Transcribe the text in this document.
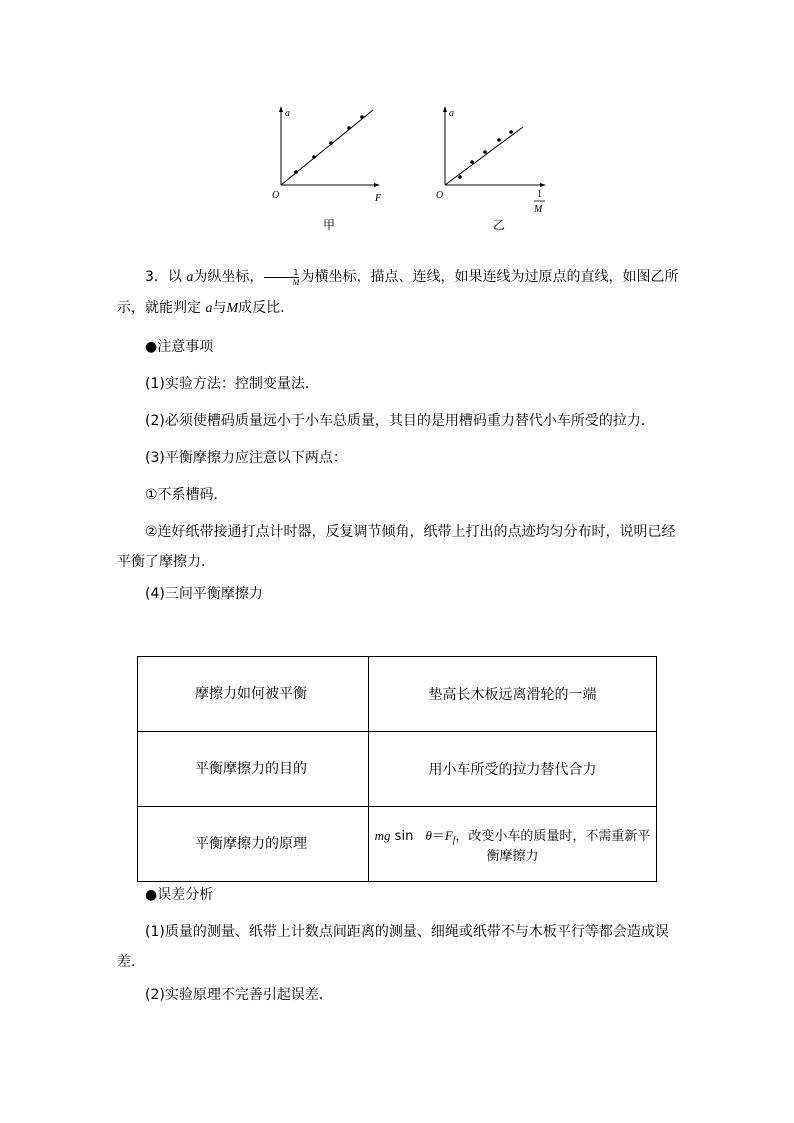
a
O	F
甲
a
O	1
M
乙
3．以 a为纵坐标， $\frac{1}{M}$ 为横坐标，描点、连线，如果连线为过原点的直线，如图乙所示，就能判定 a与M成反比．
●注意事项
(1)实验方法：控制变量法．
(2)必须使槽码质量远小于小车总质量，其目的是用槽码重力替代小车所受的拉力．
(3)平衡摩擦力应注意以下两点：
①不系槽码．
②连好纸带接通打点计时器，反复调节倾角，纸带上打出的点迹均匀分布时，说明已经平衡了摩擦力．
(4)三问平衡摩擦力
摩擦力如何被平衡	垫高长木板远离滑轮的一端
平衡摩擦力的目的	用小车所受的拉力替代合力
平衡摩擦力的原理	mg $\sin \theta=F_f$，改变小车的质量时，不需重新平衡摩擦力
●误差分析
(1)质量的测量、纸带上计数点间距离的测量、细绳或纸带不与木板平行等都会造成误差．
(2)实验原理不完善引起误差．
